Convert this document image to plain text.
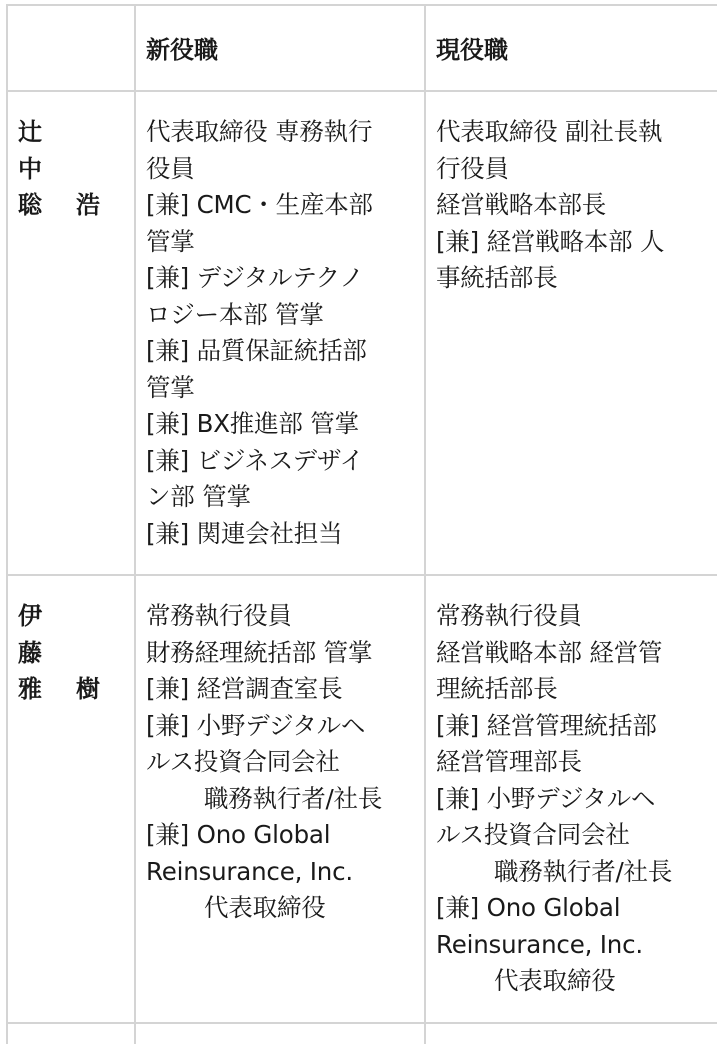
新役職	現役職
辻
中
聡 浩
代表取締役 専務執行
役員
[兼] CMC・生産本部
管掌
[兼] デジタルテクノ
ロジー本部 管掌
[兼] 品質保証統括部
管掌
[兼] BX推進部 管掌
[兼] ビジネスデザイ
ン部 管掌
[兼] 関連会社担当
代表取締役 副社長執
行役員
経営戦略本部長
[兼] 経営戦略本部 人
事統括部長
伊
藤
雅 樹
常務執行役員
財務経理統括部 管掌
[兼] 経営調査室長
[兼] 小野デジタルヘ
ルス投資合同会社
職務執行者/社長
[兼] Ono Global
Reinsurance, Inc.
代表取締役
常務執行役員
経営戦略本部 経営管
理統括部長
[兼] 経営管理統括部
経営管理部長
[兼] 小野デジタルヘ
ルス投資合同会社
職務執行者/社長
[兼] Ono Global
Reinsurance, Inc.
代表取締役
